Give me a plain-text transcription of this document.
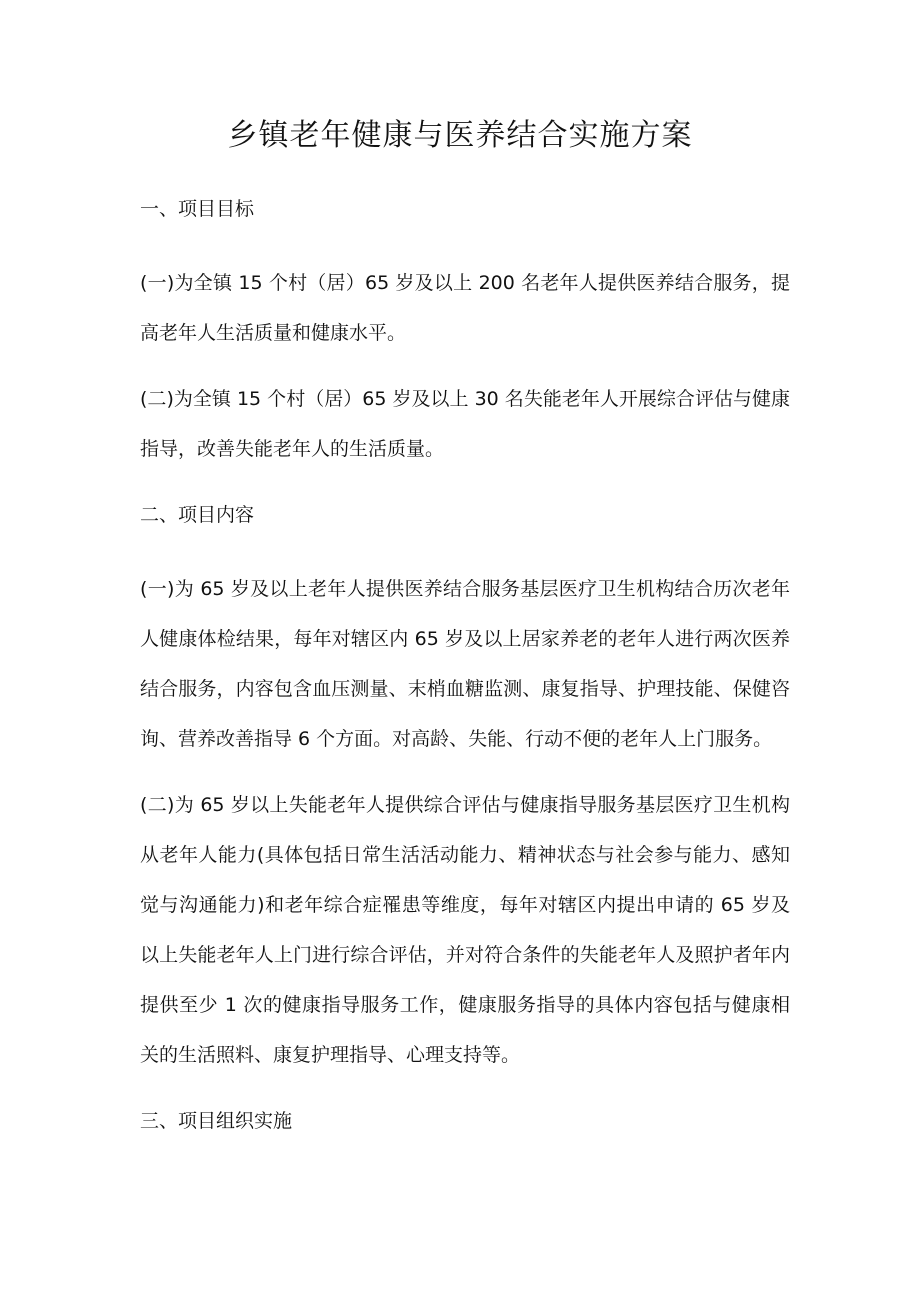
乡镇老年健康与医养结合实施方案

一、项目目标

(一)为全镇 15 个村（居）65 岁及以上 200 名老年人提供医养结合服务，提高老年人生活质量和健康水平。

(二)为全镇 15 个村（居）65 岁及以上 30 名失能老年人开展综合评估与健康指导，改善失能老年人的生活质量。

二、项目内容

(一)为 65 岁及以上老年人提供医养结合服务基层医疗卫生机构结合历次老年人健康体检结果，每年对辖区内 65 岁及以上居家养老的老年人进行两次医养结合服务，内容包含血压测量、末梢血糖监测、康复指导、护理技能、保健咨询、营养改善指导 6 个方面。对高龄、失能、行动不便的老年人上门服务。

(二)为 65 岁以上失能老年人提供综合评估与健康指导服务基层医疗卫生机构从老年人能力(具体包括日常生活活动能力、精神状态与社会参与能力、感知觉与沟通能力)和老年综合症罹患等维度，每年对辖区内提出申请的 65 岁及以上失能老年人上门进行综合评估，并对符合条件的失能老年人及照护者年内提供至少 1 次的健康指导服务工作，健康服务指导的具体内容包括与健康相关的生活照料、康复护理指导、心理支持等。

三、项目组织实施
